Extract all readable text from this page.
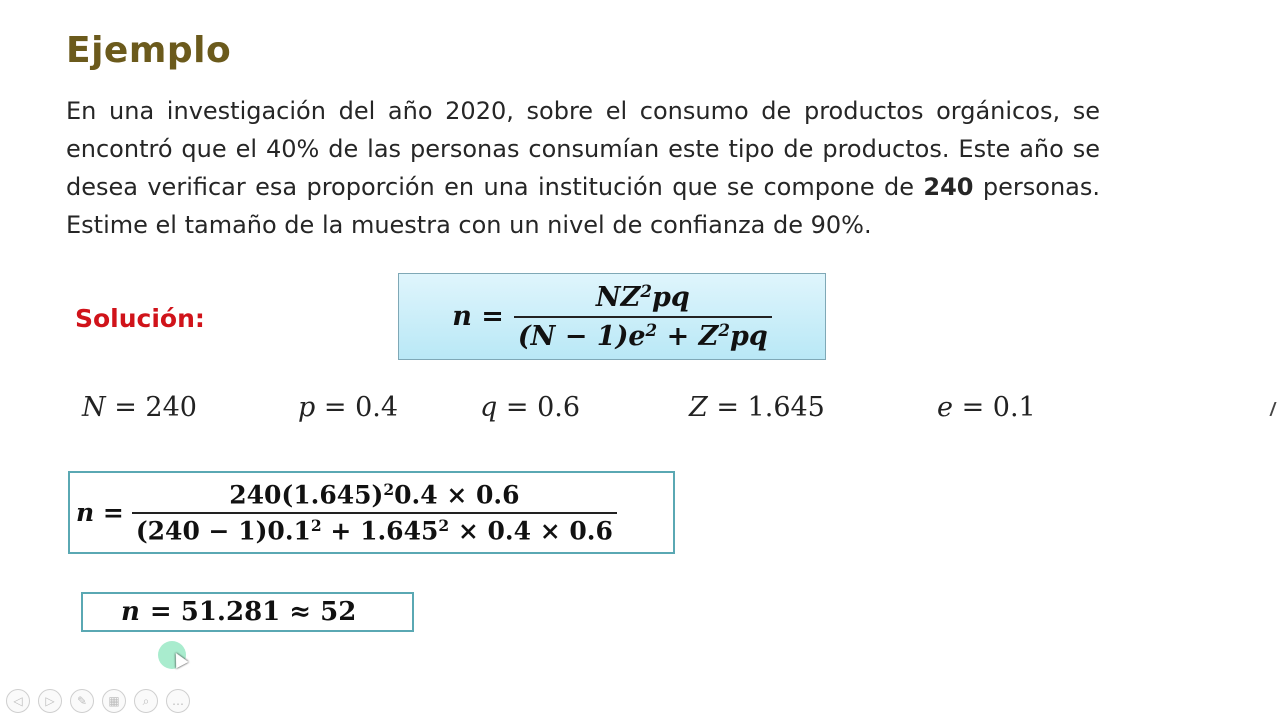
Ejemplo
En una investigación del año 2020, sobre el consumo de productos orgánicos, se encontró que el 40% de las personas consumían este tipo de productos. Este año se desea verificar esa proporción en una institución que se compone de 240 personas. Estime el tamaño de la muestra con un nivel de confianza de 90%.
Solución:	$n = \frac{NZ^2pq}{(N - 1)e^2 + Z^2pq}$
N = 240	p = 0.4	q = 0.6	Z = 1.645	e = 0.1
$n = \frac{240(1.645)^20.4 \times 0.6}{(240 - 1)0.1^2 + 1.645^2 \times 0.4 \times 0.6}$
n = 51.281 ≈ 52
◁	▷	✎	▦	⌕	…
